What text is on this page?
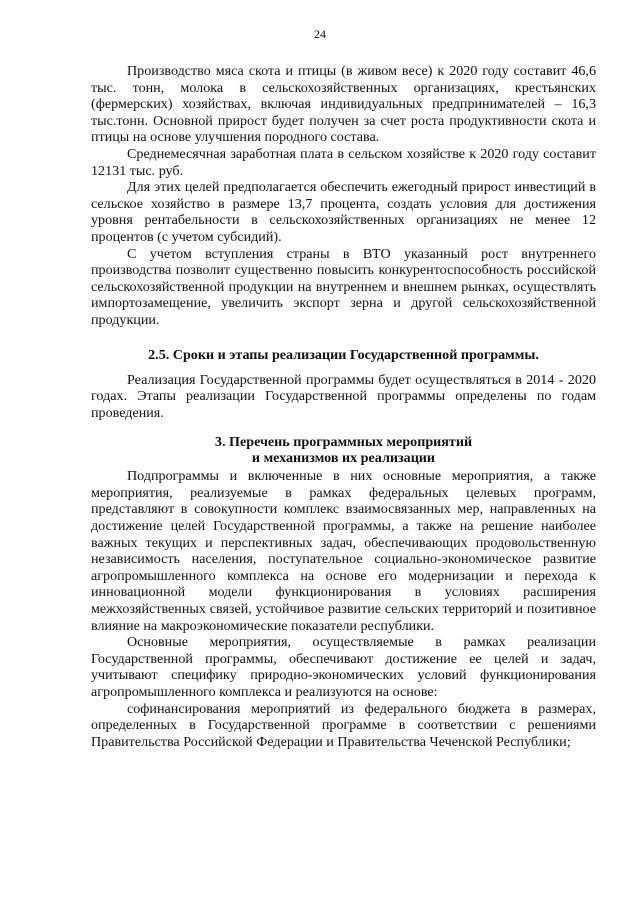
24

Производство мяса скота и птицы (в живом весе) к 2020 году составит 46,6 тыс. тонн, молока в сельскохозяйственных организациях, крестьянских (фермерских) хозяйствах, включая индивидуальных предпринимателей – 16,3 тыс.тонн. Основной прирост будет получен за счет роста продуктивности скота и птицы на основе улучшения породного состава.

Среднемесячная заработная плата в сельском хозяйстве к 2020 году составит 12131 тыс. руб.

Для этих целей предполагается обеспечить ежегодный прирост инвестиций в сельское хозяйство в размере 13,7 процента, создать условия для достижения уровня рентабельности в сельскохозяйственных организациях не менее 12 процентов (с учетом субсидий).

С учетом вступления страны в ВТО указанный рост внутреннего производства позволит существенно повысить конкурентоспособность российской сельскохозяйственной продукции на внутреннем и внешнем рынках, осуществлять импортозамещение, увеличить экспорт зерна и другой сельскохозяйственной продукции.

2.5. Сроки и этапы реализации Государственной программы.

Реализация Государственной программы будет осуществляться в 2014 - 2020 годах. Этапы реализации Государственной программы определены по годам проведения.

3. Перечень программных мероприятий
и механизмов их реализации

Подпрограммы и включенные в них основные мероприятия, а также мероприятия, реализуемые в рамках федеральных целевых программ, представляют в совокупности комплекс взаимосвязанных мер, направленных на достижение целей Государственной программы, а также на решение наиболее важных текущих и перспективных задач, обеспечивающих продовольственную независимость населения, поступательное социально-экономическое развитие агропромышленного комплекса на основе его модернизации и перехода к инновационной модели функционирования в условиях расширения межхозяйственных связей, устойчивое развитие сельских территорий и позитивное влияние на макроэкономические показатели республики.

Основные мероприятия, осуществляемые в рамках реализации Государственной программы, обеспечивают достижение ее целей и задач, учитывают специфику природно-экономических условий функционирования агропромышленного комплекса и реализуются на основе:

софинансирования мероприятий из федерального бюджета в размерах, определенных в Государственной программе в соответствии с решениями Правительства Российской Федерации и Правительства Чеченской Республики;
